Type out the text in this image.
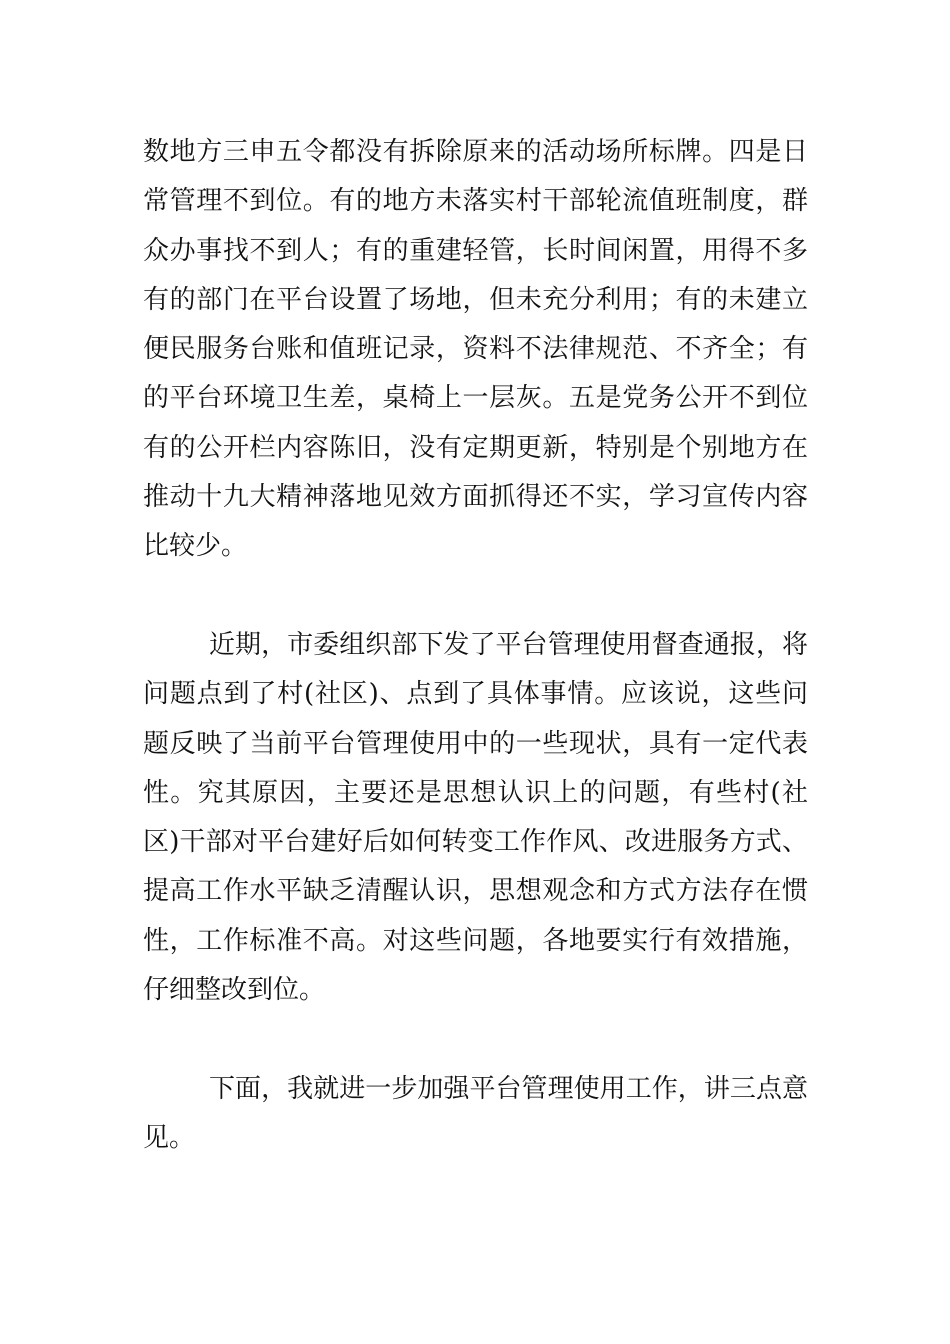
数地方三申五令都没有拆除原来的活动场所标牌。四是日
常管理不到位。有的地方未落实村干部轮流值班制度，群
众办事找不到人；有的重建轻管，长时间闲置，用得不多
有的部门在平台设置了场地，但未充分利用；有的未建立
便民服务台账和值班记录，资料不法律规范、不齐全；有
的平台环境卫生差，桌椅上一层灰。五是党务公开不到位
有的公开栏内容陈旧，没有定期更新，特别是个别地方在
推动十九大精神落地见效方面抓得还不实，学习宣传内容
比较少。
近期，市委组织部下发了平台管理使用督查通报，将
问题点到了村(社区)、点到了具体事情。应该说，这些问
题反映了当前平台管理使用中的一些现状，具有一定代表
性。究其原因，主要还是思想认识上的问题，有些村(社
区)干部对平台建好后如何转变工作作风、改进服务方式、
提高工作水平缺乏清醒认识，思想观念和方式方法存在惯
性，工作标准不高。对这些问题，各地要实行有效措施，
仔细整改到位。
下面，我就进一步加强平台管理使用工作，讲三点意
见。
